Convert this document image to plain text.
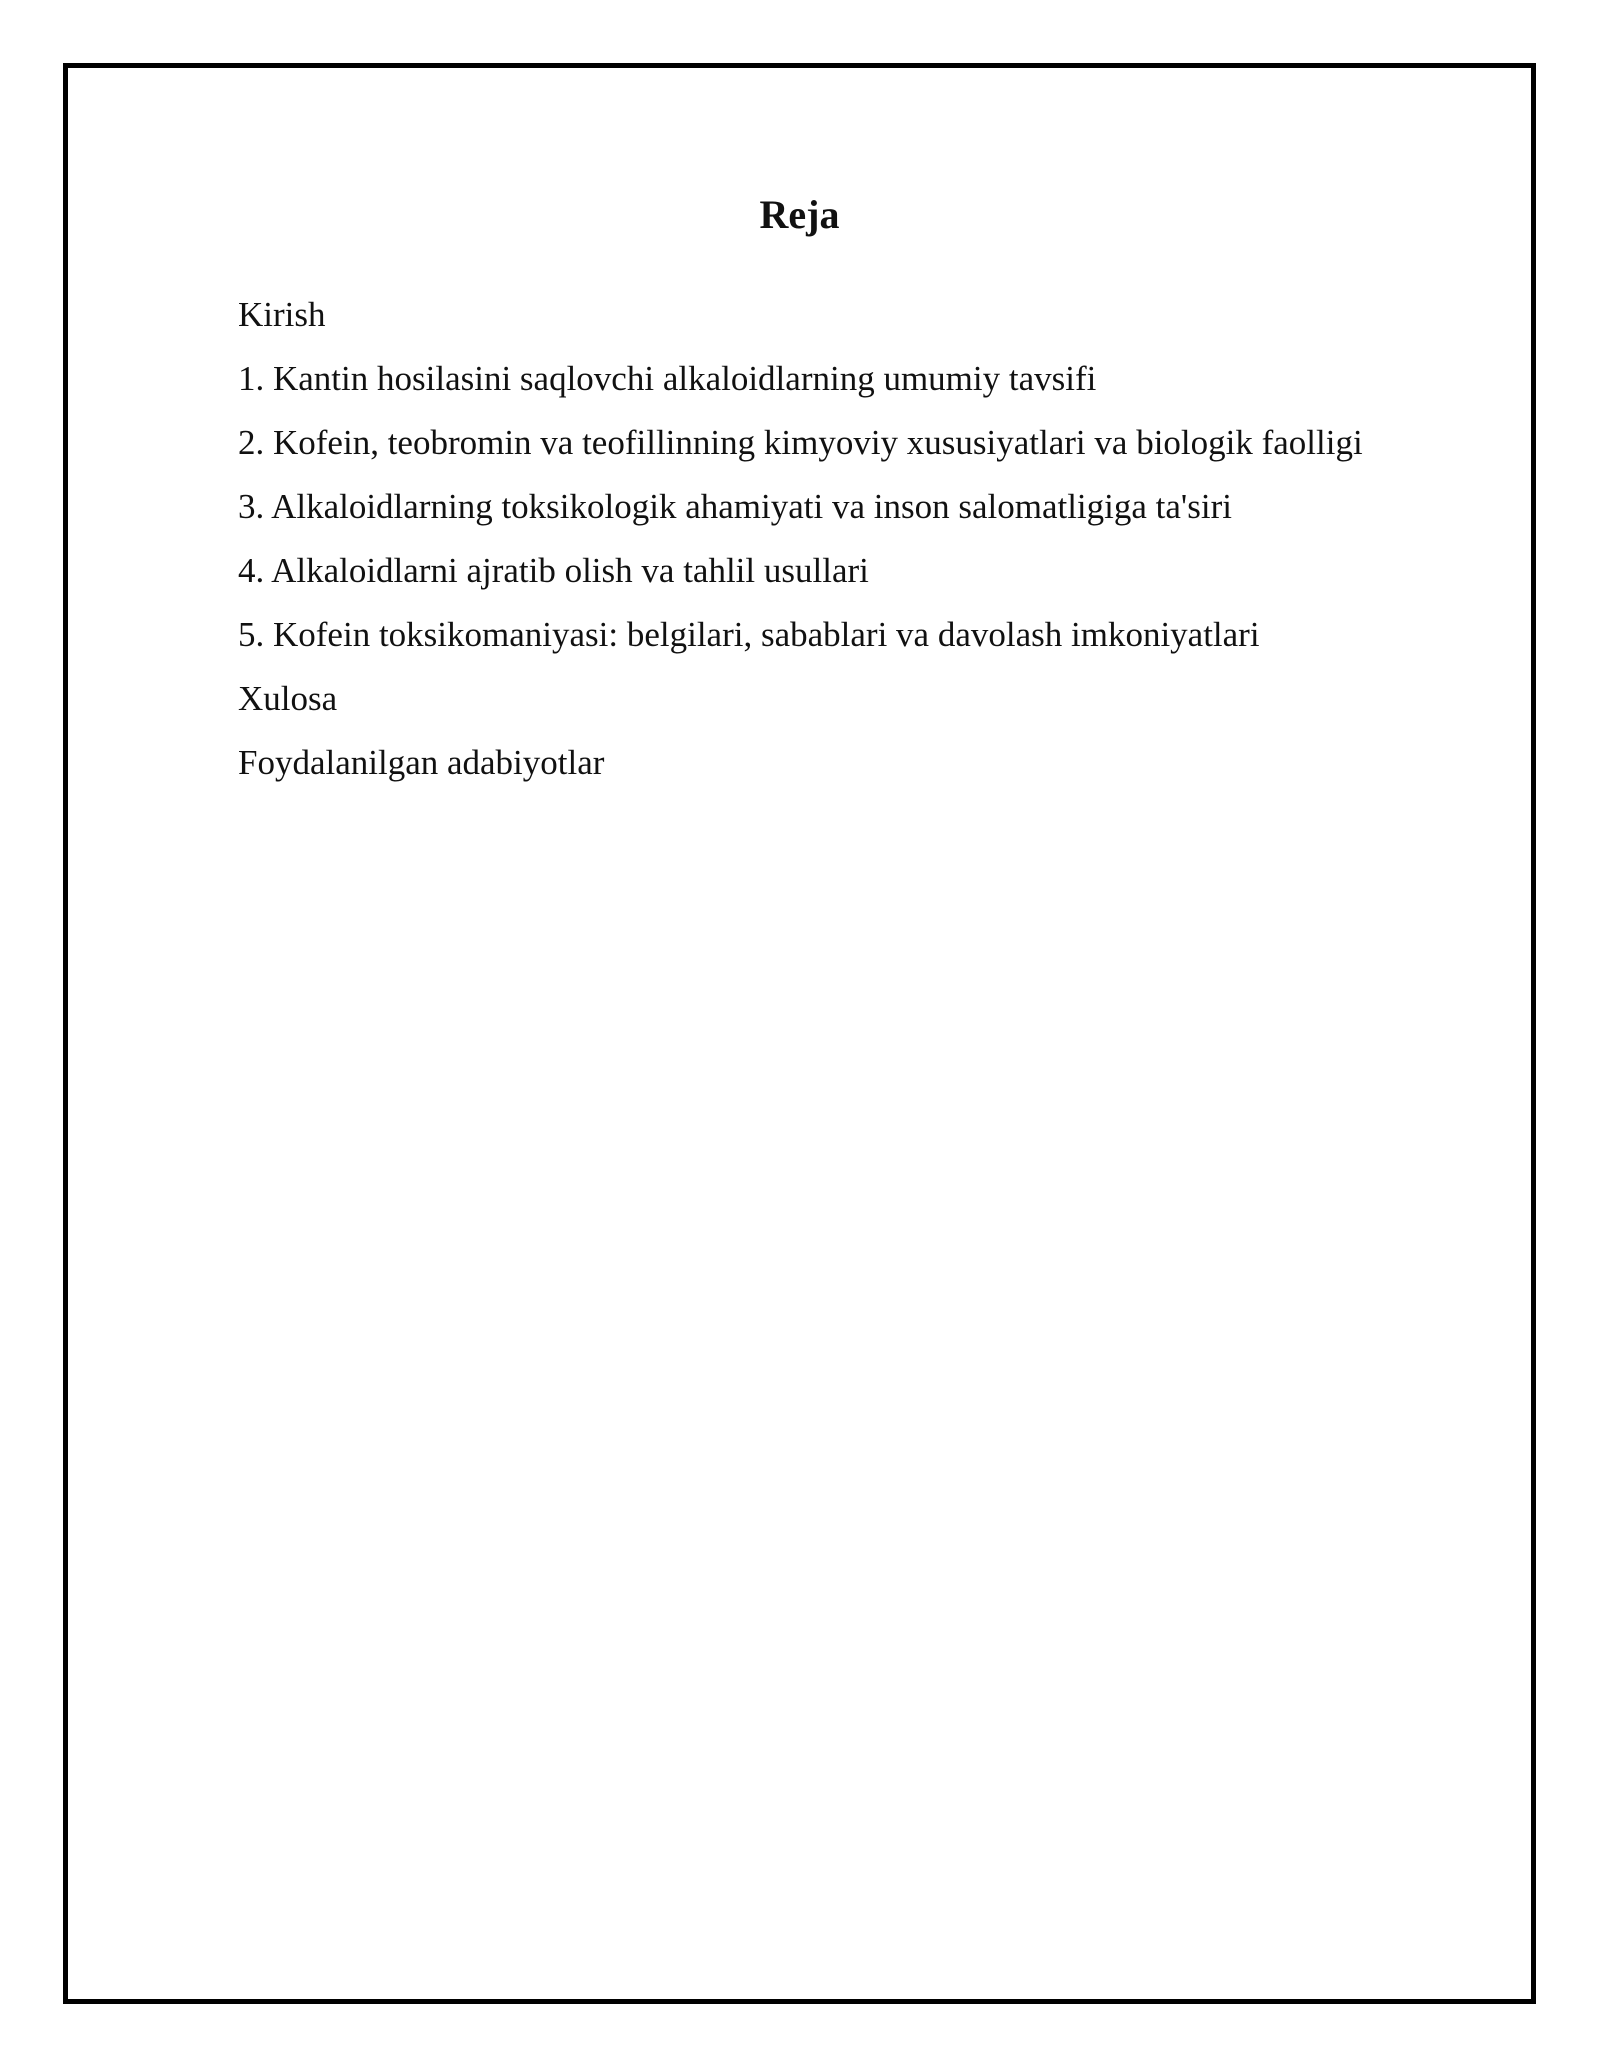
Reja
Kirish
1. Kantin hosilasini saqlovchi alkaloidlarning umumiy tavsifi
2. Kofein, teobromin va teofillinning kimyoviy xususiyatlari va biologik faolligi
3. Alkaloidlarning toksikologik ahamiyati va inson salomatligiga ta'siri
4. Alkaloidlarni ajratib olish va tahlil usullari
5. Kofein toksikomaniyasi: belgilari, sabablari va davolash imkoniyatlari
Xulosa
Foydalanilgan adabiyotlar
